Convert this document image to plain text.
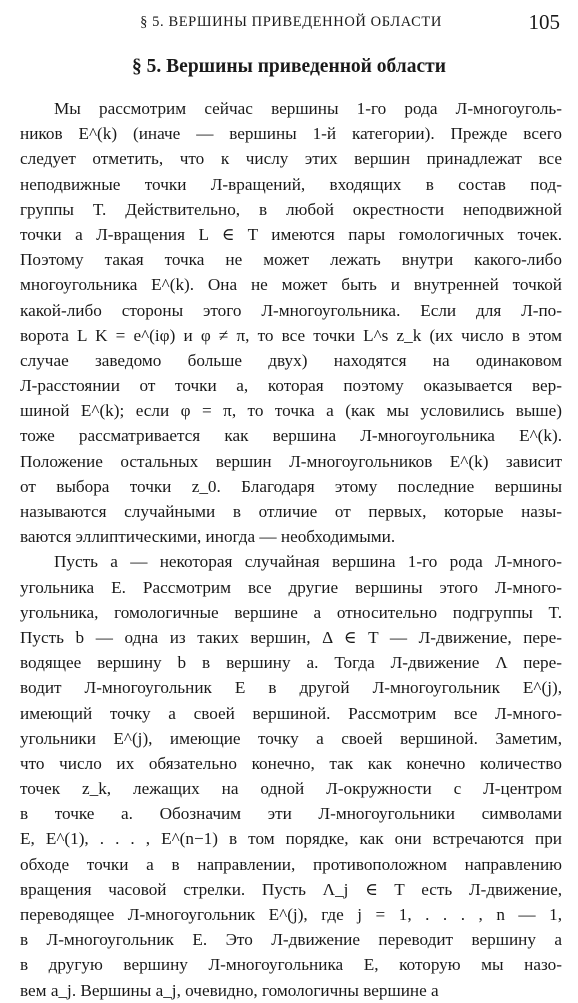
§ 5. ВЕРШИНЫ ПРИВЕДЕННОЙ ОБЛАСТИ	105
§ 5. Вершины приведенной области
Мы рассмотрим сейчас вершины 1-го рода Л-многоуголь-
ников E^(k) (иначе — вершины 1-й категории). Прежде всего
следует отметить, что к числу этих вершин принадлежат все
неподвижные точки Л-вращений, входящих в состав под-
группы T. Действительно, в любой окрестности неподвижной
точки a Л-вращения L ∈ T имеются пары гомологичных точек.
Поэтому такая точка не может лежать внутри какого-либо
многоугольника E^(k). Она не может быть и внутренней точкой
какой-либо стороны этого Л-многоугольника. Если для Л-по-
ворота L K = e^(iφ) и φ ≠ π, то все точки L^s z_k (их число в этом
случае заведомо больше двух) находятся на одинаковом
Л-расстоянии от точки a, которая поэтому оказывается вер-
шиной E^(k); если φ = π, то точка a (как мы условились выше)
тоже рассматривается как вершина Л-многоугольника E^(k).
Положение остальных вершин Л-многоугольников E^(k) зависит
от выбора точки z_0. Благодаря этому последние вершины
называются случайными в отличие от первых, которые назы-
ваются эллиптическими, иногда — необходимыми.
Пусть a — некоторая случайная вершина 1-го рода Л-много-
угольника E. Рассмотрим все другие вершины этого Л-много-
угольника, гомологичные вершине a относительно подгруппы T.
Пусть b — одна из таких вершин, Δ ∈ T — Л-движение, пере-
водящее вершину b в вершину a. Тогда Л-движение Λ пере-
водит Л-многоугольник E в другой Л-многоугольник E^(j),
имеющий точку a своей вершиной. Рассмотрим все Л-много-
угольники E^(j), имеющие точку a своей вершиной. Заметим,
что число их обязательно конечно, так как конечно количество
точек z_k, лежащих на одной Л-окружности с Л-центром
в точке a. Обозначим эти Л-многоугольники символами
E, E^(1), . . . , E^(n−1) в том порядке, как они встречаются при
обходе точки a в направлении, противоположном направлению
вращения часовой стрелки. Пусть Λ_j ∈ T есть Л-движение,
переводящее Л-многоугольник E^(j), где j = 1, . . . , n — 1,
в Л-многоугольник E. Это Л-движение переводит вершину a
в другую вершину Л-многоугольника E, которую мы назо-
вем a_j. Вершины a_j, очевидно, гомологичны вершине a
